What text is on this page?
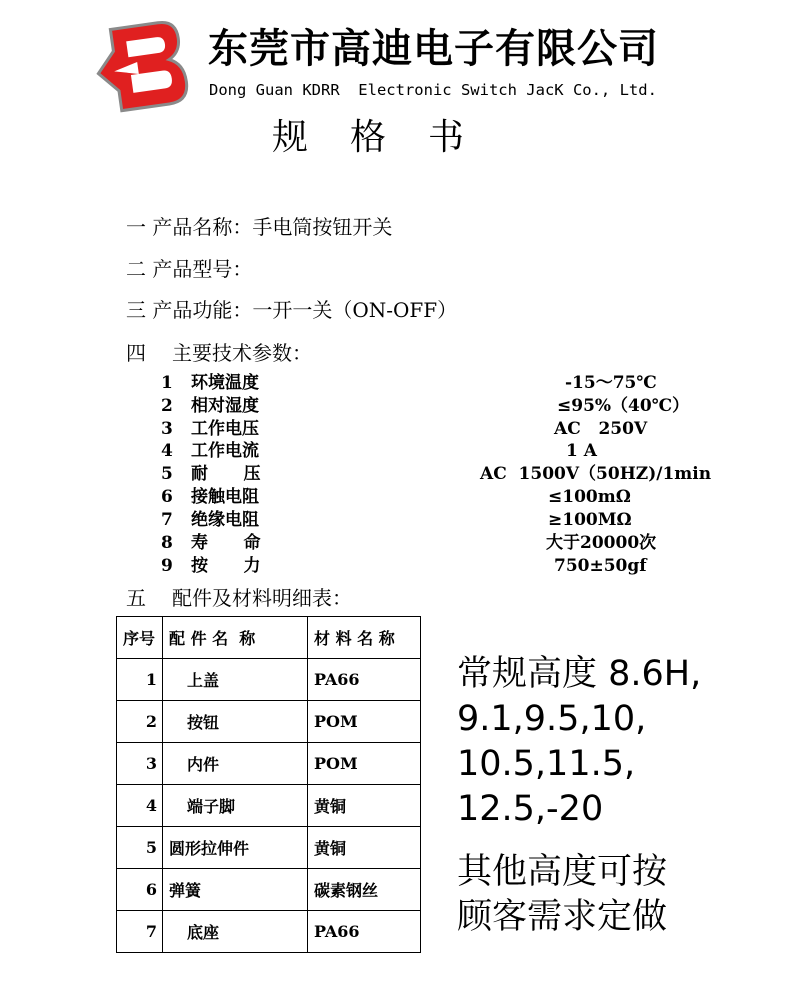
东莞市高迪电子有限公司
Dong Guan KDRR  Electronic Switch JacK Co., Ltd.
规格书
一 产品名称：手电筒按钮开关
二 产品型号：
三 产品功能：一开一关（ON-OFF）
四 主要技术参数：
1 环境温度	-15～75℃
2 相对湿度	≤95%（40℃）
3 工作电压	AC   250V
4 工作电流	1 A
5 耐      压	AC  1500V（50HZ)/1min
6 接触电阻	≤100mΩ
7 绝缘电阻	≥100MΩ
8 寿      命	大于20000次
9 按      力	750±50gf
五 配件及材料明细表：
序号	配 件 名  称	材 料 名 称
1	上盖	PA66
2	按钮	POM
3	内件	POM
4	端子脚	黄铜
5	圆形拉伸件	黄铜
6	弹簧	碳素钢丝
7	底座	PA66
常规高度 8.6H,
9.1,9.5,10,
10.5,11.5,
12.5,-20
其他高度可按
顾客需求定做
